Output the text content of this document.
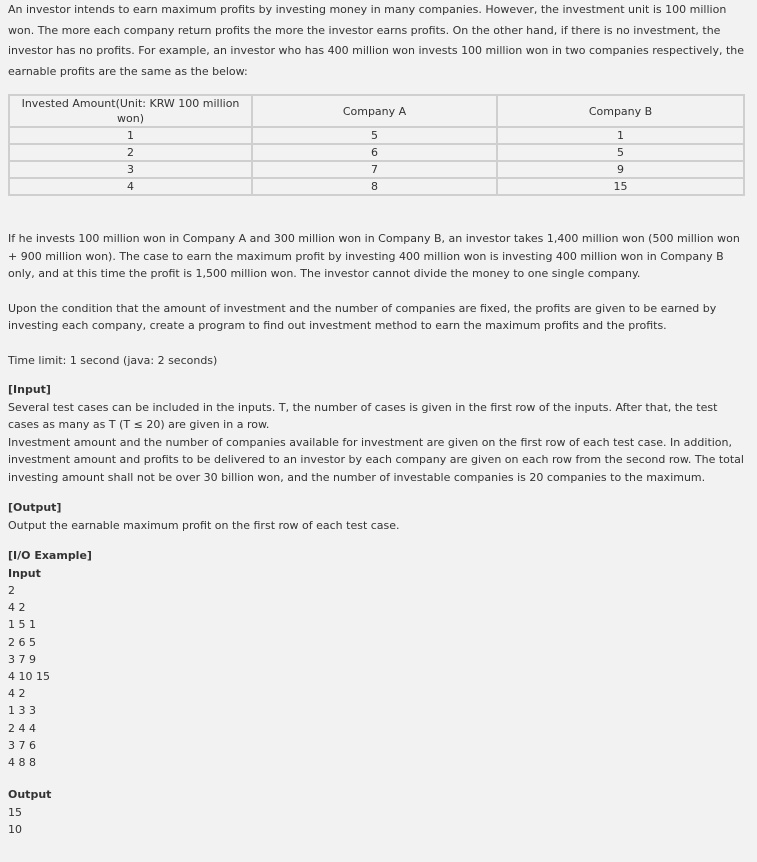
An investor intends to earn maximum profits by investing money in many companies. However, the investment unit is 100 million won. The more each company return profits the more the investor earns profits. On the other hand, if there is no investment, the investor has no profits. For example, an investor who has 400 million won invests 100 million won in two companies respectively, the earnable profits are the same as the below:

Invested Amount(Unit: KRW 100 million won)	Company A	Company B
1	5	1
2	6	5
3	7	9
4	8	15

If he invests 100 million won in Company A and 300 million won in Company B, an investor takes 1,400 million won (500 million won + 900 million won). The case to earn the maximum profit by investing 400 million won is investing 400 million won in Company B only, and at this time the profit is 1,500 million won. The investor cannot divide the money to one single company.

Upon the condition that the amount of investment and the number of companies are fixed, the profits are given to be earned by investing each company, create a program to find out investment method to earn the maximum profits and the profits.

Time limit: 1 second (java: 2 seconds)

[Input]

Several test cases can be included in the inputs. T, the number of cases is given in the first row of the inputs. After that, the test cases as many as T (T ≤ 20) are given in a row.

Investment amount and the number of companies available for investment are given on the first row of each test case. In addition, investment amount and profits to be delivered to an investor by each company are given on each row from the second row. The total investing amount shall not be over 30 billion won, and the number of investable companies is 20 companies to the maximum.

[Output]

Output the earnable maximum profit on the first row of each test case.

[I/O Example]

Input

2

4 2

1 5 1

2 6 5

3 7 9

4 10 15

4 2

1 3 3

2 4 4

3 7 6

4 8 8

Output

15

10
